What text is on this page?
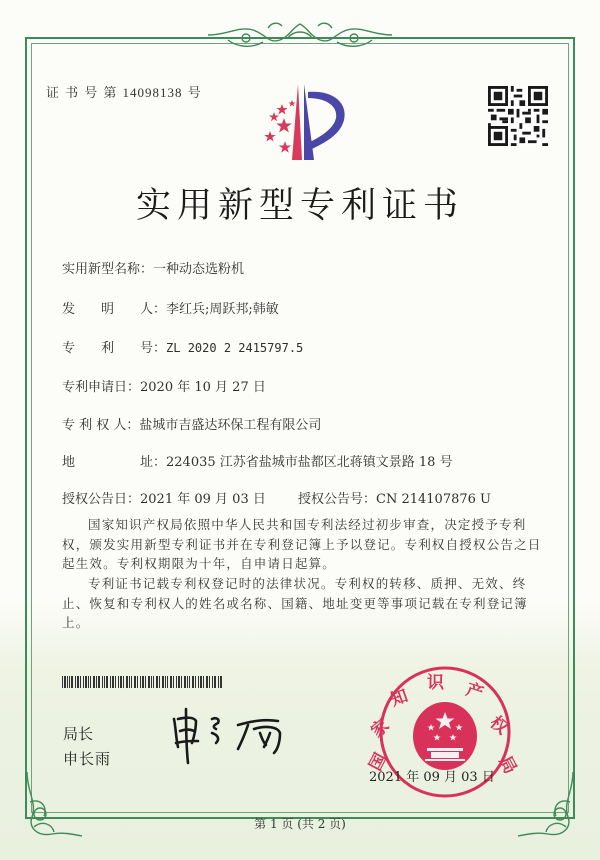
证 书 号 第 14098138 号
实用新型专利证书
实用新型名称：一种动态选粉机
发　　明　　人：李红兵;周跃邦;韩敏
专　　利　　号：ZL 2020 2 2415797.5
专利申请日：2020 年 10 月 27 日
专 利 权 人：盐城市吉盛达环保工程有限公司
地　　　　　址：224035 江苏省盐城市盐都区北蒋镇文景路 18 号
授权公告日：2021 年 09 月 03 日 授权公告号：CN 214107876 U
国家知识产权局依照中华人民共和国专利法经过初步审查，决定授予专利权，颁发实用新型专利证书并在专利登记簿上予以登记。专利权自授权公告之日起生效。专利权期限为十年，自申请日起算。
专利证书记载专利权登记时的法律状况。专利权的转移、质押、无效、终止、恢复和专利权人的姓名或名称、国籍、地址变更等事项记载在专利登记簿上。
局长
申长雨	国
家
知
识 产
权
局
2021 年 09 月 03 日
第 1 页 (共 2 页)
